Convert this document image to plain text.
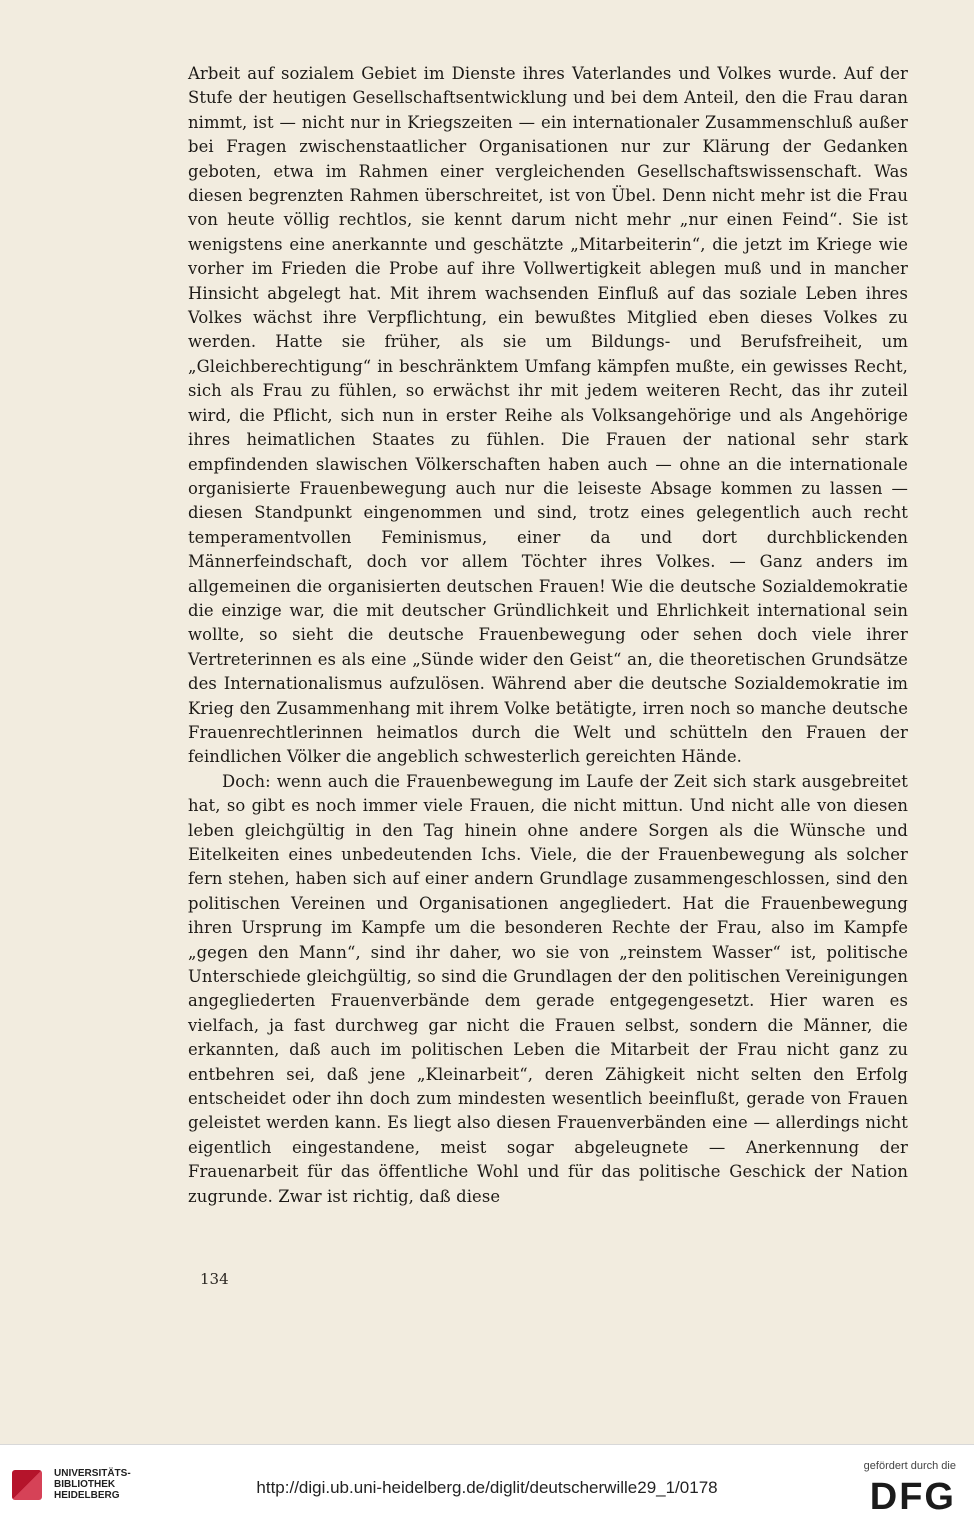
Arbeit auf sozialem Gebiet im Dienste ihres Vaterlandes und Volkes wurde. Auf der Stufe der heutigen Gesellschaftsentwicklung und bei dem Anteil, den die Frau daran nimmt, ist — nicht nur in Kriegszeiten — ein internationaler Zusammenschluß außer bei Fragen zwischenstaatlicher Organisationen nur zur Klärung der Gedanken geboten, etwa im Rahmen einer vergleichenden Gesellschaftswissenschaft. Was diesen begrenzten Rahmen überschreitet, ist von Übel. Denn nicht mehr ist die Frau von heute völlig rechtlos, sie kennt darum nicht mehr „nur einen Feind“. Sie ist wenigstens eine anerkannte und geschätzte „Mitarbeiterin“, die jetzt im Kriege wie vorher im Frieden die Probe auf ihre Vollwertigkeit ablegen muß und in mancher Hinsicht abgelegt hat. Mit ihrem wachsenden Einfluß auf das soziale Leben ihres Volkes wächst ihre Verpflichtung, ein bewußtes Mitglied eben dieses Volkes zu werden. Hatte sie früher, als sie um Bildungs- und Berufsfreiheit, um „Gleichberechtigung“ in beschränktem Umfang kämpfen mußte, ein gewisses Recht, sich als Frau zu fühlen, so erwächst ihr mit jedem weiteren Recht, das ihr zuteil wird, die Pflicht, sich nun in erster Reihe als Volksangehörige und als Angehörige ihres heimatlichen Staates zu fühlen. Die Frauen der national sehr stark empfindenden slawischen Völkerschaften haben auch — ohne an die internationale organisierte Frauenbewegung auch nur die leiseste Absage kommen zu lassen — diesen Standpunkt eingenommen und sind, trotz eines gelegentlich auch recht temperamentvollen Feminismus, einer da und dort durchblickenden Männerfeindschaft, doch vor allem Töchter ihres Volkes. — Ganz anders im allgemeinen die organisierten deutschen Frauen! Wie die deutsche Sozialdemokratie die einzige war, die mit deutscher Gründlichkeit und Ehrlichkeit international sein wollte, so sieht die deutsche Frauenbewegung oder sehen doch viele ihrer Vertreterinnen es als eine „Sünde wider den Geist“ an, die theoretischen Grundsätze des Internationalismus aufzulösen. Während aber die deutsche Sozialdemokratie im Krieg den Zusammenhang mit ihrem Volke betätigte, irren noch so manche deutsche Frauenrechtlerinnen heimatlos durch die Welt und schütteln den Frauen der feindlichen Völker die angeblich schwesterlich gereichten Hände.

Doch: wenn auch die Frauenbewegung im Laufe der Zeit sich stark ausgebreitet hat, so gibt es noch immer viele Frauen, die nicht mittun. Und nicht alle von diesen leben gleichgültig in den Tag hinein ohne andere Sorgen als die Wünsche und Eitelkeiten eines unbedeutenden Ichs. Viele, die der Frauenbewegung als solcher fern stehen, haben sich auf einer andern Grundlage zusammengeschlossen, sind den politischen Vereinen und Organisationen angegliedert. Hat die Frauenbewegung ihren Ursprung im Kampfe um die besonderen Rechte der Frau, also im Kampfe „gegen den Mann“, sind ihr daher, wo sie von „reinstem Wasser“ ist, politische Unterschiede gleichgültig, so sind die Grundlagen der den politischen Vereinigungen angegliederten Frauenverbände dem gerade entgegengesetzt. Hier waren es vielfach, ja fast durchweg gar nicht die Frauen selbst, sondern die Männer, die erkannten, daß auch im politischen Leben die Mitarbeit der Frau nicht ganz zu entbehren sei, daß jene „Kleinarbeit“, deren Zähigkeit nicht selten den Erfolg entscheidet oder ihn doch zum mindesten wesentlich beeinflußt, gerade von Frauen geleistet werden kann. Es liegt also diesen Frauenverbänden eine — allerdings nicht eigentlich eingestandene, meist sogar abgeleugnete — Anerkennung der Frauenarbeit für das öffentliche Wohl und für das politische Geschick der Nation zugrunde. Zwar ist richtig, daß diese

134
UNIVERSITÄTS-
BIBLIOTHEK
HEIDELBERG	http://digi.ub.uni-heidelberg.de/diglit/deutscherwille29_1/0178
gefördert durch die
DFG
